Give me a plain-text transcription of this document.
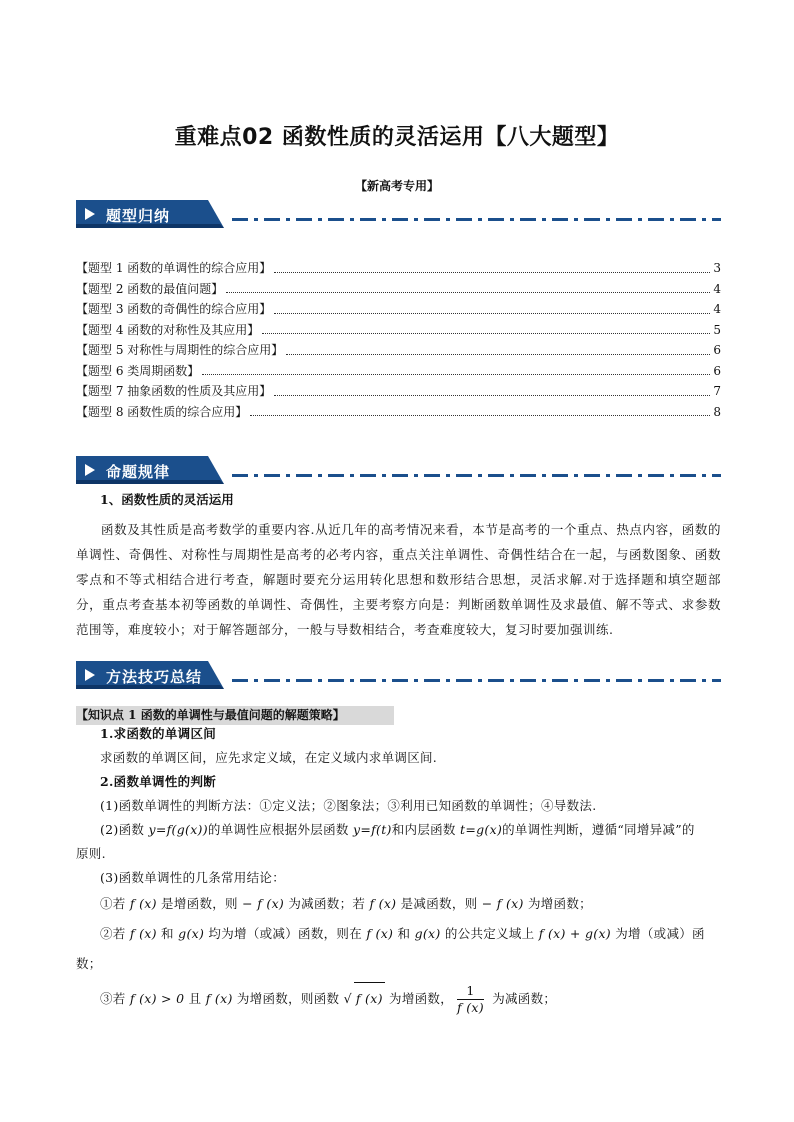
重难点02 函数性质的灵活运用【八大题型】
【新高考专用】
题型归纳
【题型 1 函数的单调性的综合应用】	3
【题型 2 函数的最值问题】	4
【题型 3 函数的奇偶性的综合应用】	4
【题型 4 函数的对称性及其应用】	5
【题型 5 对称性与周期性的综合应用】	6
【题型 6 类周期函数】	6
【题型 7 抽象函数的性质及其应用】	7
【题型 8 函数性质的综合应用】	8
命题规律
1、函数性质的灵活运用
函数及其性质是高考数学的重要内容.从近几年的高考情况来看，本节是高考的一个重点、热点内容，函数的单调性、奇偶性、对称性与周期性是高考的必考内容，重点关注单调性、奇偶性结合在一起，与函数图象、函数零点和不等式相结合进行考查，解题时要充分运用转化思想和数形结合思想，灵活求解.对于选择题和填空题部分，重点考查基本初等函数的单调性、奇偶性，主要考察方向是：判断函数单调性及求最值、解不等式、求参数范围等，难度较小；对于解答题部分，一般与导数相结合，考查难度较大，复习时要加强训练.
方法技巧总结
【知识点 1 函数的单调性与最值问题的解题策略】
1.求函数的单调区间
求函数的单调区间，应先求定义域，在定义域内求单调区间.
2.函数单调性的判断
(1)函数单调性的判断方法：①定义法；②图象法；③利用已知函数的单调性；④导数法.
(2)函数 y=f(g(x))的单调性应根据外层函数 y=f(t)和内层函数 t=g(x)的单调性判断，遵循“同增异减”的
原则.
(3)函数单调性的几条常用结论：
①若 f (x) 是增函数，则 − f (x) 为减函数；若 f (x) 是减函数，则 − f (x) 为增函数；
②若 f (x) 和 g(x) 均为增（或减）函数，则在 f (x) 和 g(x) 的公共定义域上 f (x) + g(x) 为增（或减）函
数；
③若 f (x) > 0 且 f (x) 为增函数，则函数 √ f (x) 为增函数， $\frac{1}{f (x)}$ 为减函数；
